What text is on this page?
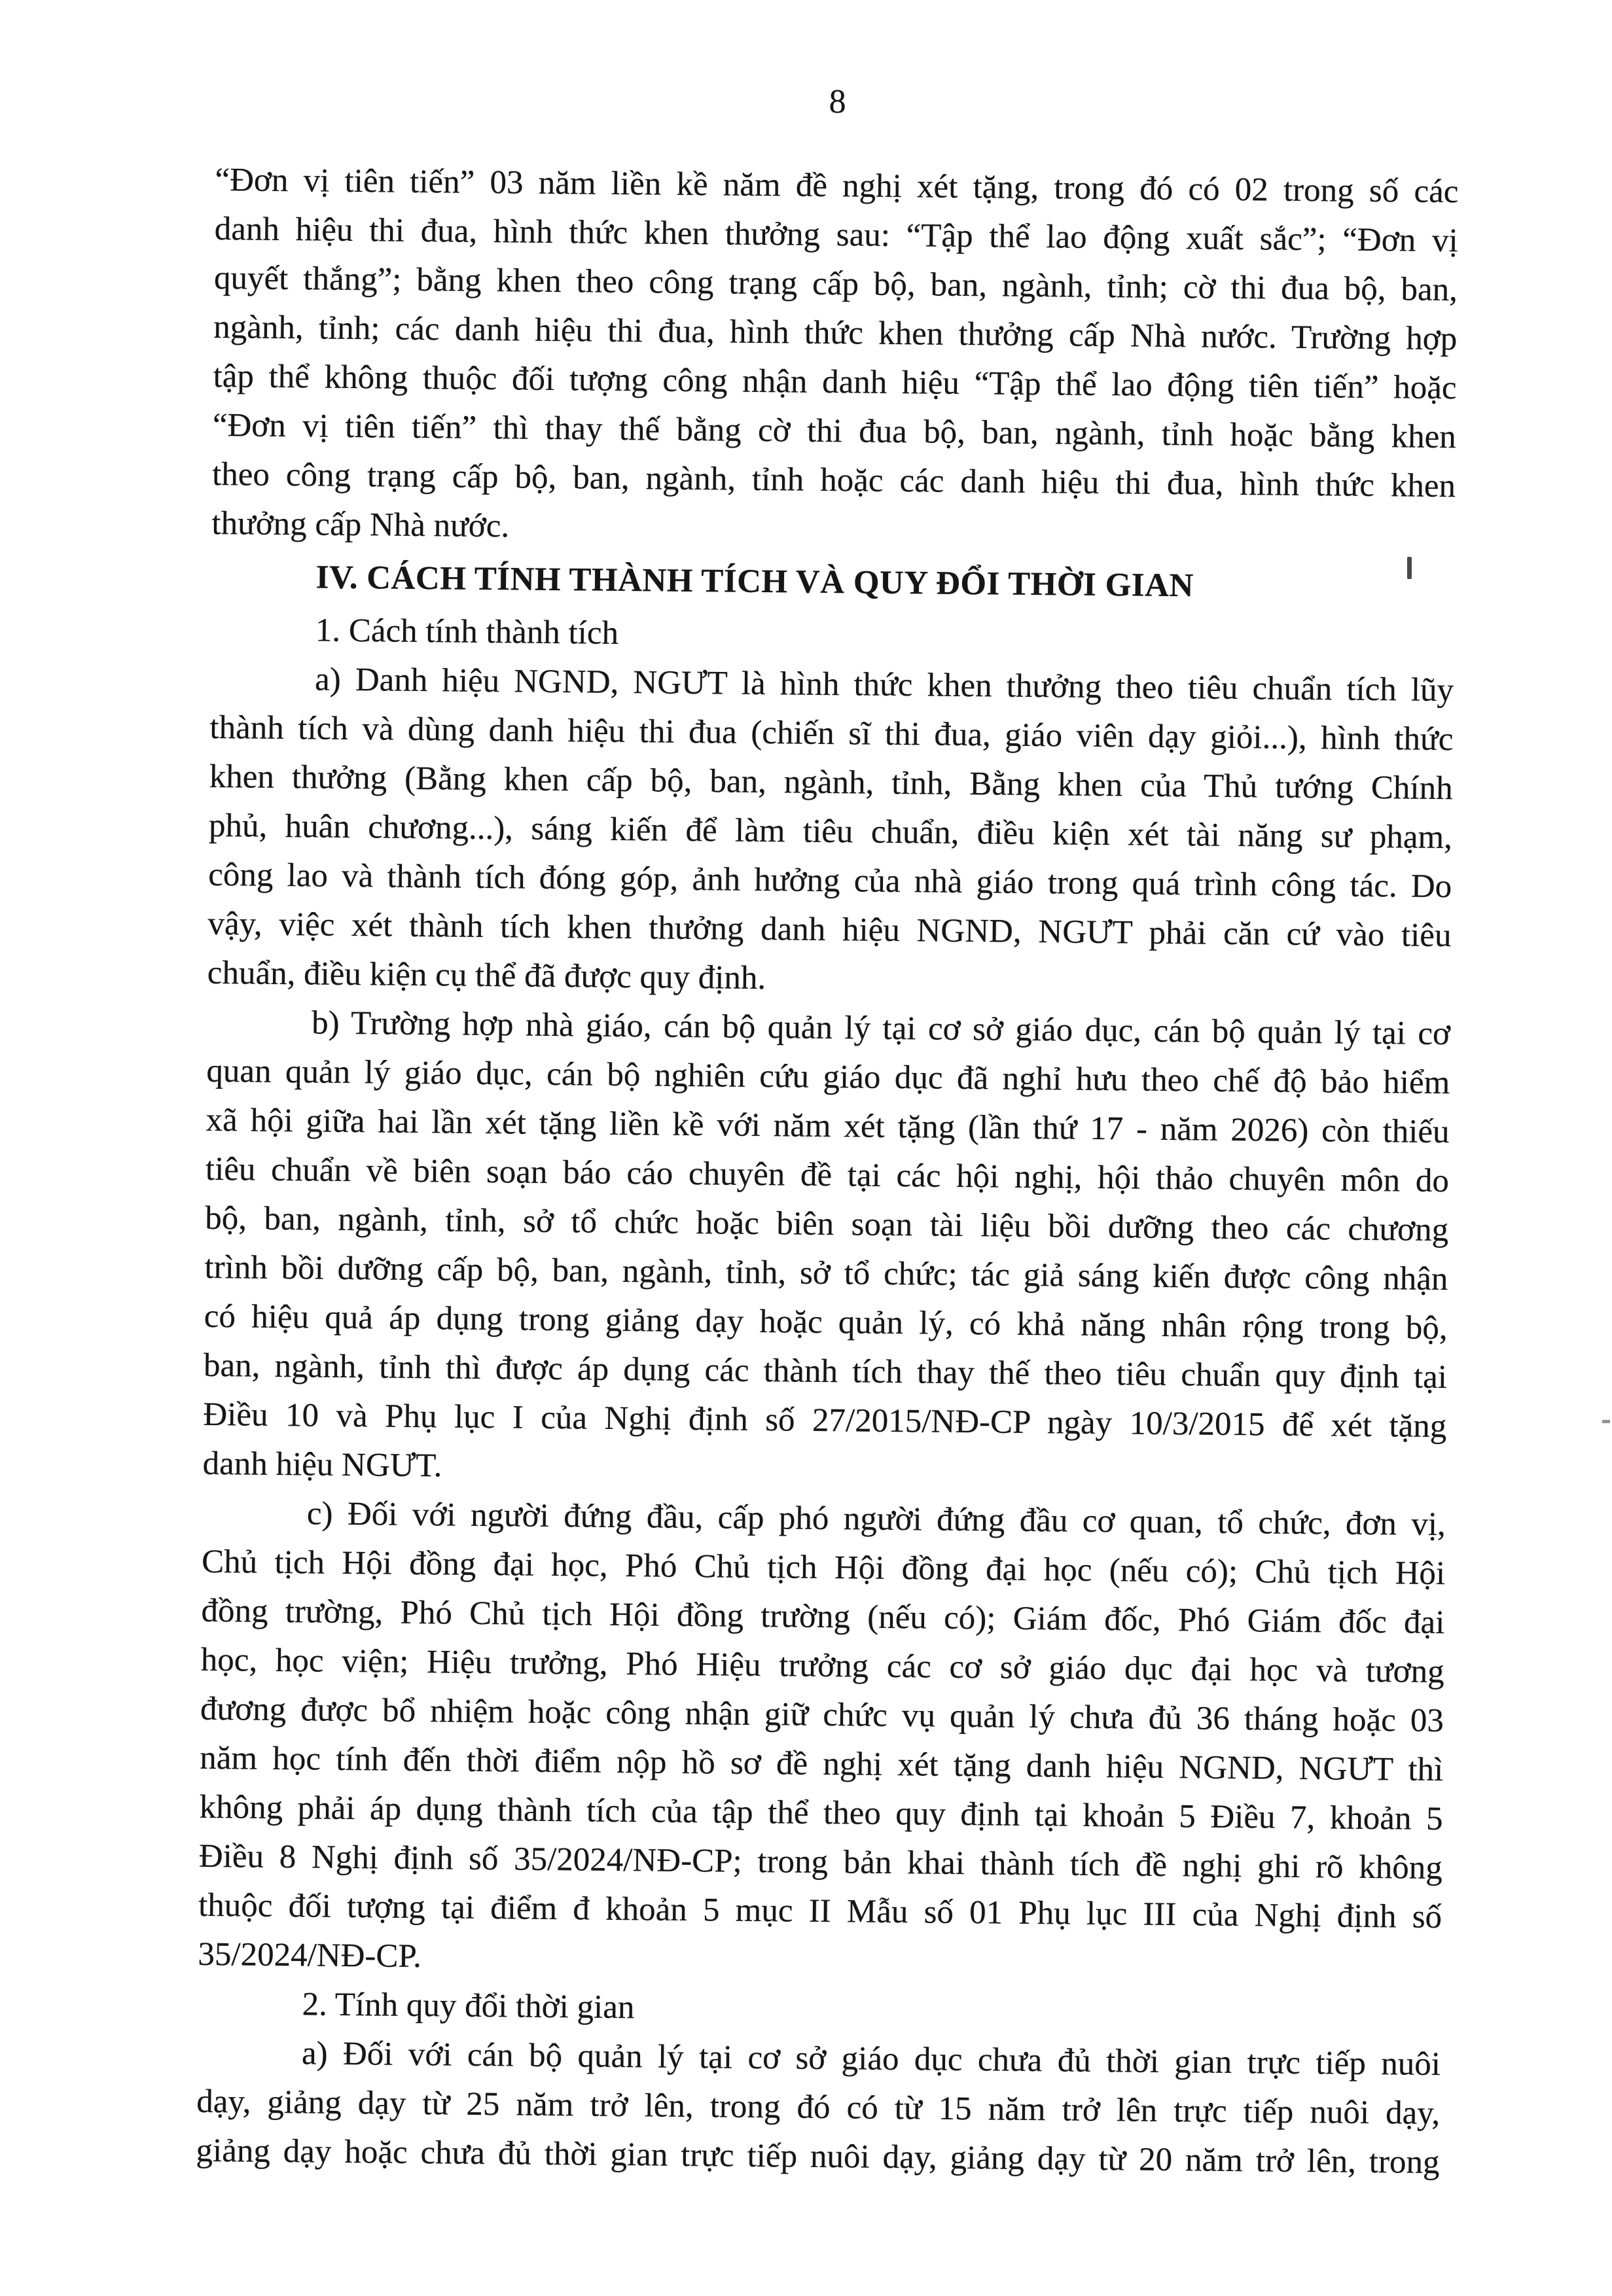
8
“Đơn vị tiên tiến” 03 năm liền kề năm đề nghị xét tặng, trong đó có 02 trong số các
danh hiệu thi đua, hình thức khen thưởng sau: “Tập thể lao động xuất sắc”; “Đơn vị
quyết thắng”; bằng khen theo công trạng cấp bộ, ban, ngành, tỉnh; cờ thi đua bộ, ban,
ngành, tỉnh; các danh hiệu thi đua, hình thức khen thưởng cấp Nhà nước. Trường hợp
tập thể không thuộc đối tượng công nhận danh hiệu “Tập thể lao động tiên tiến” hoặc
“Đơn vị tiên tiến” thì thay thế bằng cờ thi đua bộ, ban, ngành, tỉnh hoặc bằng khen
theo công trạng cấp bộ, ban, ngành, tỉnh hoặc các danh hiệu thi đua, hình thức khen
thưởng cấp Nhà nước.
IV. CÁCH TÍNH THÀNH TÍCH VÀ QUY ĐỔI THỜI GIAN
1. Cách tính thành tích
a) Danh hiệu NGND, NGƯT là hình thức khen thưởng theo tiêu chuẩn tích lũy
thành tích và dùng danh hiệu thi đua (chiến sĩ thi đua, giáo viên dạy giỏi...), hình thức
khen thưởng (Bằng khen cấp bộ, ban, ngành, tỉnh, Bằng khen của Thủ tướng Chính
phủ, huân chương...), sáng kiến để làm tiêu chuẩn, điều kiện xét tài năng sư phạm,
công lao và thành tích đóng góp, ảnh hưởng của nhà giáo trong quá trình công tác. Do
vậy, việc xét thành tích khen thưởng danh hiệu NGND, NGƯT phải căn cứ vào tiêu
chuẩn, điều kiện cụ thể đã được quy định.
b) Trường hợp nhà giáo, cán bộ quản lý tại cơ sở giáo dục, cán bộ quản lý tại cơ
quan quản lý giáo dục, cán bộ nghiên cứu giáo dục đã nghỉ hưu theo chế độ bảo hiểm
xã hội giữa hai lần xét tặng liền kề với năm xét tặng (lần thứ 17 - năm 2026) còn thiếu
tiêu chuẩn về biên soạn báo cáo chuyên đề tại các hội nghị, hội thảo chuyên môn do
bộ, ban, ngành, tỉnh, sở tổ chức hoặc biên soạn tài liệu bồi dưỡng theo các chương
trình bồi dưỡng cấp bộ, ban, ngành, tỉnh, sở tổ chức; tác giả sáng kiến được công nhận
có hiệu quả áp dụng trong giảng dạy hoặc quản lý, có khả năng nhân rộng trong bộ,
ban, ngành, tỉnh thì được áp dụng các thành tích thay thế theo tiêu chuẩn quy định tại
Điều 10 và Phụ lục I của Nghị định số 27/2015/NĐ-CP ngày 10/3/2015 để xét tặng
danh hiệu NGƯT.
c) Đối với người đứng đầu, cấp phó người đứng đầu cơ quan, tổ chức, đơn vị,
Chủ tịch Hội đồng đại học, Phó Chủ tịch Hội đồng đại học (nếu có); Chủ tịch Hội
đồng trường, Phó Chủ tịch Hội đồng trường (nếu có); Giám đốc, Phó Giám đốc đại
học, học viện; Hiệu trưởng, Phó Hiệu trưởng các cơ sở giáo dục đại học và tương
đương được bổ nhiệm hoặc công nhận giữ chức vụ quản lý chưa đủ 36 tháng hoặc 03
năm học tính đến thời điểm nộp hồ sơ đề nghị xét tặng danh hiệu NGND, NGƯT thì
không phải áp dụng thành tích của tập thể theo quy định tại khoản 5 Điều 7, khoản 5
Điều 8 Nghị định số 35/2024/NĐ-CP; trong bản khai thành tích đề nghị ghi rõ không
thuộc đối tượng tại điểm đ khoản 5 mục II Mẫu số 01 Phụ lục III của Nghị định số
35/2024/NĐ-CP.
2. Tính quy đổi thời gian
a) Đối với cán bộ quản lý tại cơ sở giáo dục chưa đủ thời gian trực tiếp nuôi
dạy, giảng dạy từ 25 năm trở lên, trong đó có từ 15 năm trở lên trực tiếp nuôi dạy,
giảng dạy hoặc chưa đủ thời gian trực tiếp nuôi dạy, giảng dạy từ 20 năm trở lên, trong
